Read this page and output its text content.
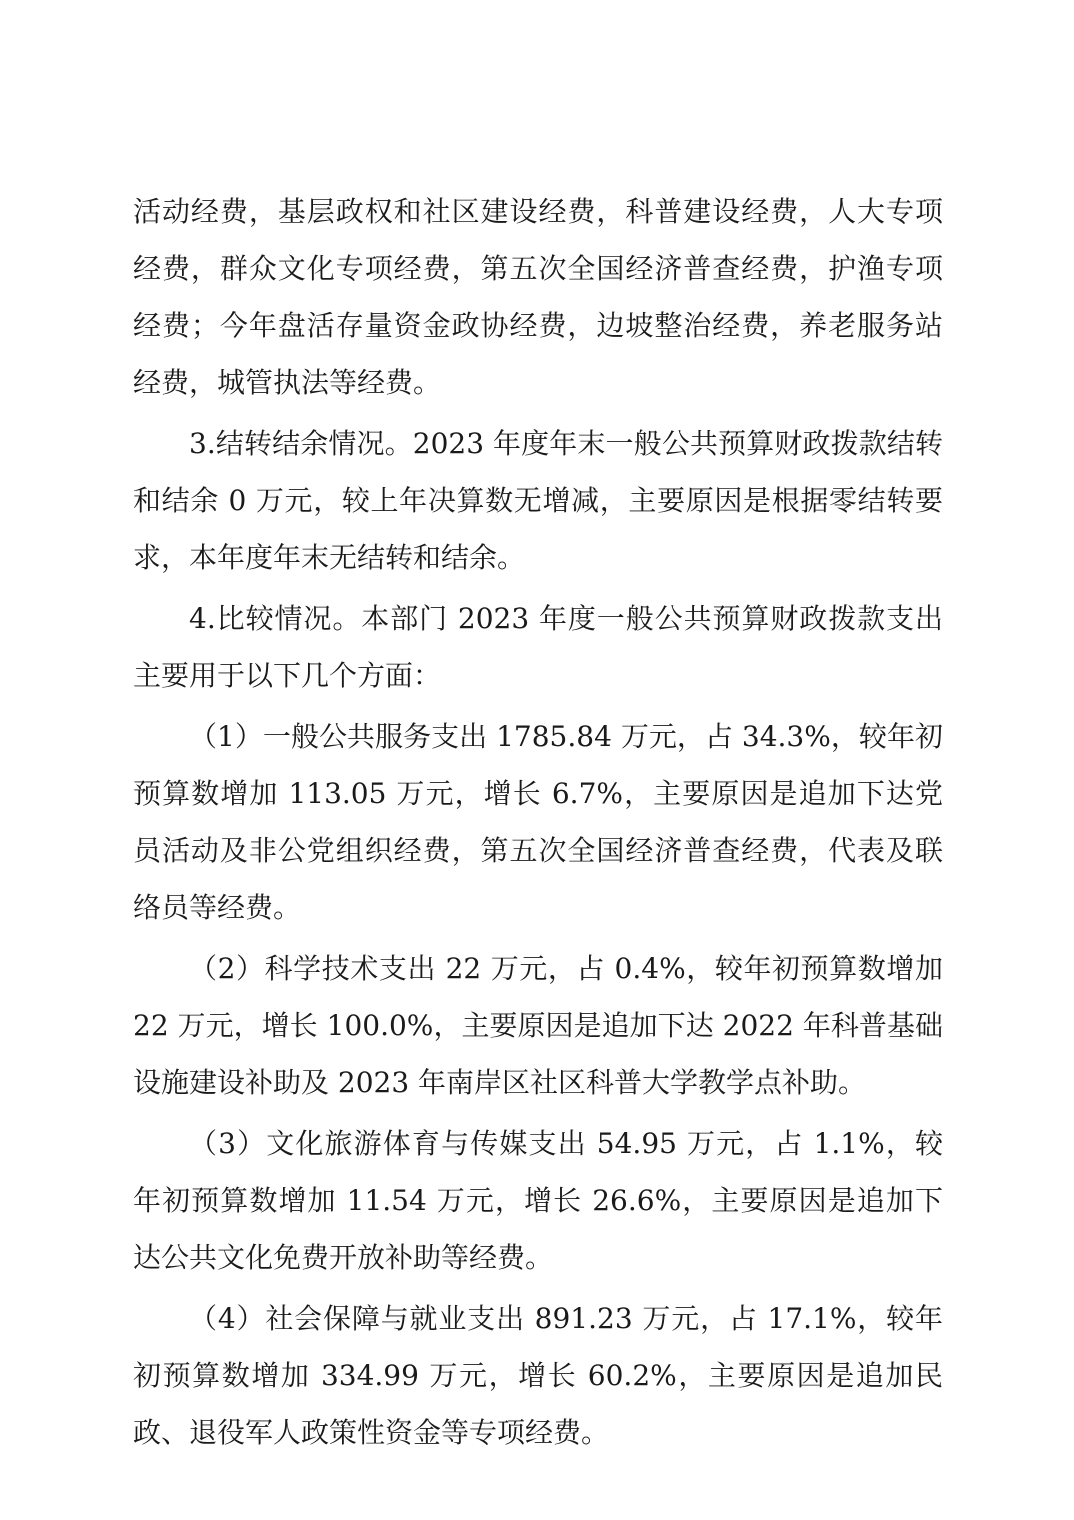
活动经费，基层政权和社区建设经费，科普建设经费，人大专项经费，群众文化专项经费，第五次全国经济普查经费，护渔专项经费；今年盘活存量资金政协经费，边坡整治经费，养老服务站经费，城管执法等经费。

3.结转结余情况。2023 年度年末一般公共预算财政拨款结转和结余 0 万元，较上年决算数无增减，主要原因是根据零结转要求，本年度年末无结转和结余。

4.比较情况。本部门 2023 年度一般公共预算财政拨款支出主要用于以下几个方面：

（1）一般公共服务支出 1785.84 万元，占 34.3%，较年初预算数增加 113.05 万元，增长 6.7%，主要原因是追加下达党员活动及非公党组织经费，第五次全国经济普查经费，代表及联络员等经费。

（2）科学技术支出 22 万元，占 0.4%，较年初预算数增加 22 万元，增长 100.0%，主要原因是追加下达 2022 年科普基础设施建设补助及 2023 年南岸区社区科普大学教学点补助。

（3）文化旅游体育与传媒支出 54.95 万元，占 1.1%，较年初预算数增加 11.54 万元，增长 26.6%，主要原因是追加下达公共文化免费开放补助等经费。

（4）社会保障与就业支出 891.23 万元，占 17.1%，较年初预算数增加 334.99 万元，增长 60.2%，主要原因是追加民政、退役军人政策性资金等专项经费。
